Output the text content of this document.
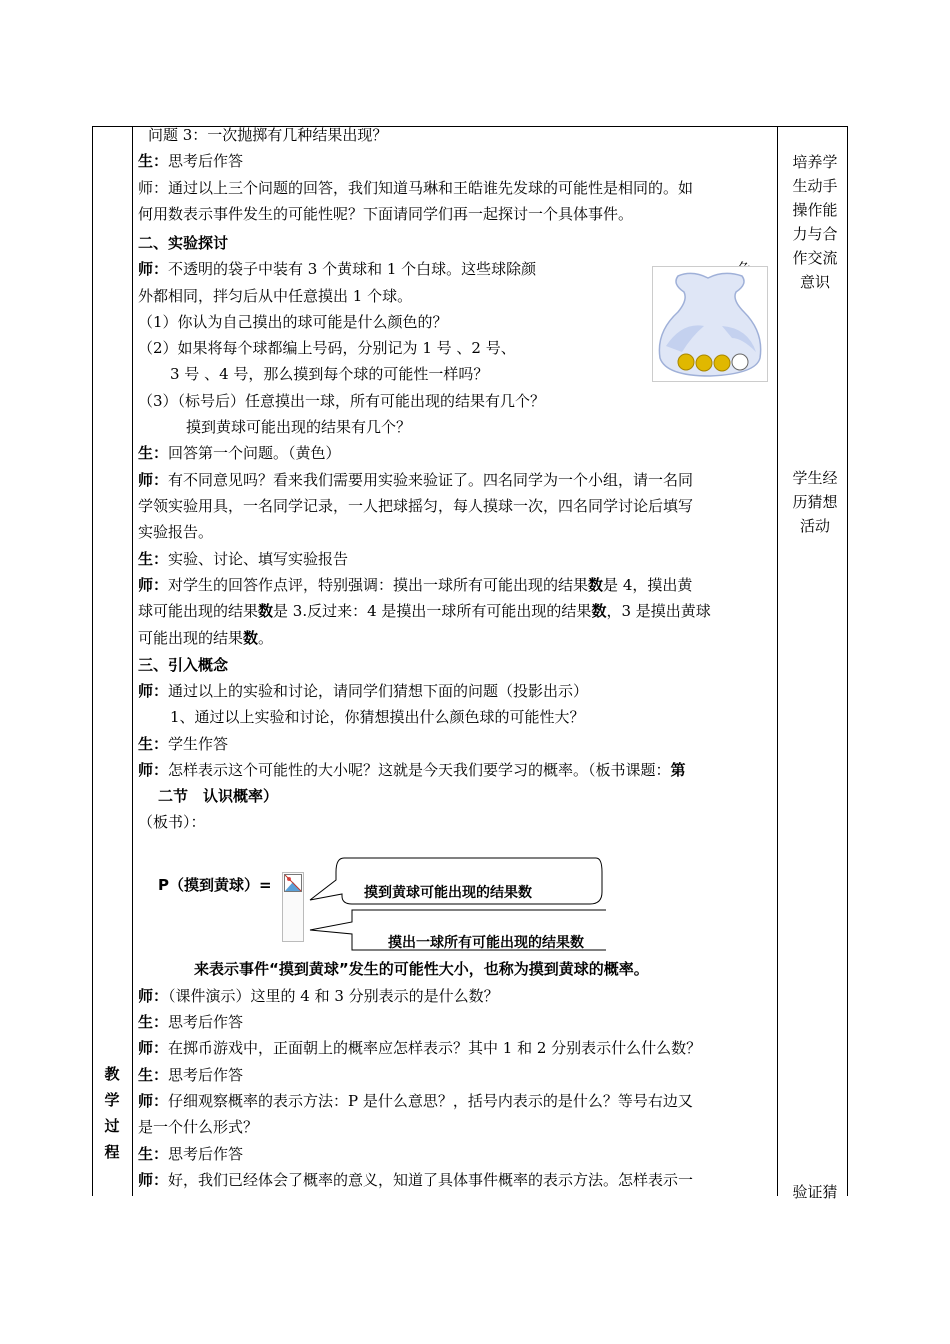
教
学
过
程
问题 3：一次抛掷有几种结果出现？
生：思考后作答
师：通过以上三个问题的回答，我们知道马琳和王皓谁先发球的可能性是相同的。如
何用数表示事件发生的可能性呢？下面请同学们再一起探讨一个具体事件。
二、实验探讨
师：不透明的袋子中装有 3 个黄球和 1 个白球。这些球除颜
外都相同，拌匀后从中任意摸出 1 个球。
（1）你认为自己摸出的球可能是什么颜色的？
（2）如果将每个球都编上号码，分别记为 1 号 、2 号、
3 号 、4 号，那么摸到每个球的可能性一样吗？
（3）（标号后）任意摸出一球，所有可能出现的结果有几个？
摸到黄球可能出现的结果有几个？
生：回答第一个问题。（黄色）
师：有不同意见吗？看来我们需要用实验来验证了。四名同学为一个小组，请一名同
学领实验用具，一名同学记录，一人把球摇匀，每人摸球一次，四名同学讨论后填写
实验报告。
生：实验、讨论、填写实验报告
师：对学生的回答作点评，特别强调：摸出一球所有可能出现的结果数是 4，摸出黄
球可能出现的结果数是 3.反过来：4 是摸出一球所有可能出现的结果数，3 是摸出黄球
可能出现的结果数。
三、引入概念
师：通过以上的实验和讨论，请同学们猜想下面的问题（投影出示）
1、通过以上实验和讨论，你猜想摸出什么颜色球的可能性大？
生：学生作答
师：怎样表示这个可能性的大小呢？这就是今天我们要学习的概率。（板书课题：第
二节　认识概率）
（板书）：
P（摸到黄球）=	摸到黄球可能出现的结果数
摸出一球所有可能出现的结果数
来表示事件“摸到黄球”发生的可能性大小，也称为摸到黄球的概率。
师：（课件演示）这里的 4 和 3 分别表示的是什么数？
生：思考后作答
师：在掷币游戏中，正面朝上的概率应怎样表示？其中 1 和 2 分别表示什么什么数？
生：思考后作答
师：仔细观察概率的表示方法：P 是什么意思？，括号内表示的是什么？等号右边又
是一个什么形式？
生：思考后作答
师：好，我们已经体会了概率的意义，知道了具体事件概率的表示方法。怎样表示一
培养学
生动手
操作能
力与合
作交流
意识
学生经
历猜想
活动
验证猜
